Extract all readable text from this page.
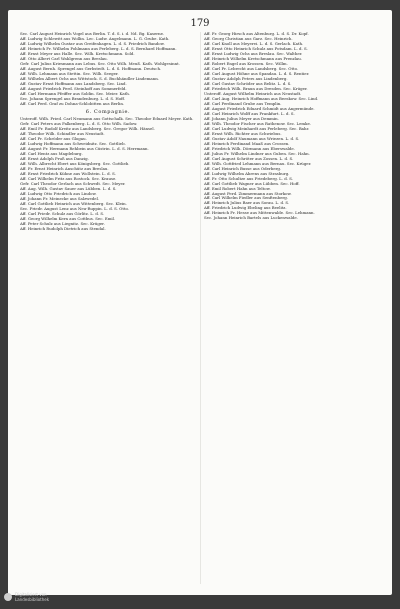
179
Sec. Carl August Heinrich Vogel aus Berlin. T. d. S. i. d. Nd. Bg. Kaserne.
Aff. Ludwig Schlewitt aus Wollin. Lec. Ludw. Angelmann. L. G. Grube. Kath.
Aff. Ludwig Wilhelm Gustav aus Greifenhagen. L. d. S. Friedrich Bandow.
Aff. Heinrich Fr. Wilhelm Pohlmann aus Perleberg. L. d. S. Bernhard Hoffmann.
Aff. Ernst Meyer aus Halle. Sec. Wilh. Kretschmann. Sold.
Aff. Otto Albert Carl Wahlgrenn aus Breslau.
Gefr. Carl Julius Kriesmann aus Lebus. Sec. Otto Wilh. Meuß. Kath. Wohlgesinnt.
Aff. August Bernh. Sprengel aus Gerbstedt. L. d. S. Hoffmann. Deutsch.
Aff. Wilh. Lehmann aus Stettin. Sec. Wilh. Seeger.
Aff. Wilhelm Albert Ochs aus Wittstock. S. d. Buchhändler Lindemann.
Aff. Gustav Ernst Hoffmann aus Landsberg. Sec. Lind.
Aff. August Friedrich Ferd. Steinhoff aus Sommerfeld.
Aff. Carl Hermann Pfeiffer aus Soldin. Sec. Meier. Kath.
Sec. Johann Sprengel aus Brandenburg. L. d. S. Hoff.
Aff. Carl Ferd. Graf zu Dohna-Schlobitten aus Berlin.
6. Compagnie.
Unteroff. Wilh. Fried. Carl Neumann aus Gottschalk. Sec. Theodor Eduard Meyer. Kath.
Gefr. Carl Peters aus Falkenberg. L. d. S. Otto Wilh. Sadow.
Aff. Emil Fr. Rudolf Kreitz aus Landsberg. Sec. Gregor Wilh. Hänsel.
Aff. Theodor Wilh. Schindler aus Neustadt.
Aff. Carl Fr. Schröder aus Glogau.
Aff. Ludwig Hoffmann aus Schweidnitz. Sec. Gottlieb.
Aff. August Fr. Hermann Rehbein aus Cüstrin. L. d. S. Herrmann.
Aff. Carl Hentz aus Magdeburg.
Aff. Ernst Adolph Pruß aus Danzig.
Aff. Wilh. Albrecht Ebert aus Königsberg. Sec. Gottlieb.
Aff. Fr. Ernst Heinrich Anschütz aus Breslau.
Aff. Ernst Friedrich Kühne aus Wollstein. L. d. S.
Aff. Carl Wilhelm Fritz aus Rostock. Sec. Krause.
Gefr. Carl Theodor Gerlach aus Schwedt. Sec. Meyer.
Aff. Aug. Wilh. Gustav Sauer aus Lübben. L. d. S.
Aff. Ludwig Otto Friedrich aus Lindow.
Aff. Johann Fr. Meinecke aus Salzwedel.
Aff. Carl Gottlieb Heinrich aus Wittenberg. Sec. Klein.
Sec. Friedr. August Lenz aus Neu-Ruppin. L. d. S. Otto.
Aff. Carl Friedr. Schulz aus Görlitz. L. d. S.
Aff. Georg Wilhelm Kern aus Cottbus. Sec. Emil.
Aff. Peter Schulz aus Liegnitz. Sec. Krüger.
Aff. Heinrich Rudolph Dietrich aus Stendal.
Aff. Fr. Georg Hirsch aus Altenburg. L. d. S. Dr. Kopf.
Aff. Georg Christian aus Garz. Sec. Heinrich.
Aff. Carl Knoll aus Meyerei. L. d. S. Gerlach. Kath.
Aff. Ernst Otto Heinrich Schulz aus Potsdam. L. d. S.
Aff. Ernst Ludwig Ochs aus Breslau. Sec. Walther.
Aff. Heinrich Wilhelm Kretschmann aus Prenzlau.
Aff. Robert Engel aus Krossen. Sec. Willm.
Aff. Carl Fr. Lebrecht aus Landsberg. Sec. Otto.
Aff. Carl August Höhne aus Spandau. L. d. S. Rentier.
Aff. Gustav Adolph Peters aus Lindenberg.
Aff. Carl Gustav Schröder aus Belitz. L. d. S.
Aff. Friedrich Wilh. Braun aus Dresden. Sec. Krüger.
Unteroff. August Wilhelm Heinrich aus Neustadt.
Aff. Carl Aug. Heinrich Hoffmann aus Beeskow. Sec. Lind.
Aff. Carl Ferdinand Grube aus Templin.
Aff. August Friedrich Eduard Schmidt aus Angermünde.
Aff. Carl Heinrich Wolff aus Frankfurt. L. d. S.
Aff. Johann Julius Meyer aus Demmin.
Aff. Wilh. Theodor Fischer aus Rathenow. Sec. Lemke.
Aff. Carl Ludwig Meinhardt aus Perleberg. Sec. Bahr.
Aff. Ernst Wilh. Richter aus Schwiebus.
Aff. Gustav Adolf Naumann aus Wriezen. L. d. S.
Aff. Heinrich Ferdinand Maaß aus Crossen.
Aff. Friedrich Wilh. Dörmann aus Eberswalde.
Aff. Julius Fr. Wilhelm Lindner aus Guben. Sec. Hahn.
Aff. Carl August Schröter aus Zossen. L. d. S.
Aff. Wilh. Gottfried Lehmann aus Bernau. Sec. Krüger.
Aff. Carl Heinrich Busse aus Oderberg.
Aff. Ludwig Wilhelm Ahrens aus Strasburg.
Aff. Fr. Otto Schultze aus Friedeberg. L. d. S.
Aff. Carl Gottlieb Wagner aus Lübben. Sec. Hoff.
Aff. Emil Robert Hahn aus Teltow.
Aff. August Ferd. Zimmermann aus Storkow.
Aff. Carl Wilhelm Fiedler aus Senftenberg.
Aff. Heinrich Julius Baer aus Sorau. L. d. S.
Aff. Friedrich Ludwig Ebeling aus Beelitz.
Aff. Heinrich Fr. Hesse aus Mittenwalde. Sec. Lehmann.
Sec. Johann Heinrich Bartels aus Luckenwalde.
Digitalisiert von
Landesbibliothek
